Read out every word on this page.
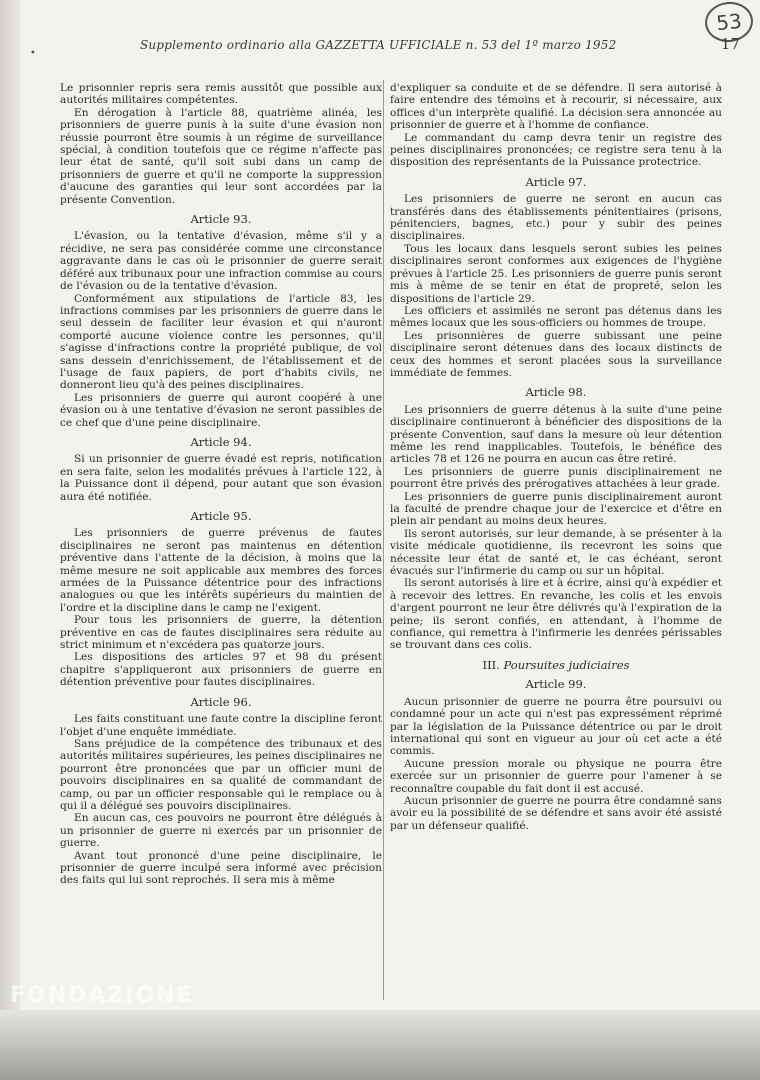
53
•
Supplemento ordinario alla GAZZETTA UFFICIALE n. 53 del 1º marzo 1952	17

Le prisonnier repris sera remis aussitôt que possible aux autorités militaires compétentes.

En dérogation à l'article 88, quatrième alinéa, les prisonniers de guerre punis à la suite d'une évasion non réussie pourront être soumis à un régime de surveillance spécial, à condition toutefois que ce régime n'affecte pas leur état de santé, qu'il soit subi dans un camp de prisonniers de guerre et qu'il ne comporte la suppression d'aucune des garanties qui leur sont accordées par la présente Convention.

Article 93.

L'évasion, ou la tentative d'évasion, même s'il y a récidive, ne sera pas considérée comme une circonstance aggravante dans le cas où le prisonnier de guerre serait déféré aux tribunaux pour une infraction commise au cours de l'évasion ou de la tentative d'évasion.

Conformément aux stipulations de l'article 83, les infractions commises par les prisonniers de guerre dans le seul dessein de faciliter leur évasion et qui n'auront comporté aucune violence contre les personnes, qu'il s'agisse d'infractions contre la propriété publique, de vol sans dessein d'enrichissement, de l'établissement et de l'usage de faux papiers, de port d'habits civils, ne donneront lieu qu'à des peines disciplinaires.

Les prisonniers de guerre qui auront coopéré à une évasion ou à une tentative d'évasion ne seront passibles de ce chef que d'une peine disciplinaire.

Article 94.

Si un prisonnier de guerre évadé est repris, notification en sera faite, selon les modalités prévues à l'article 122, à la Puissance dont il dépend, pour autant que son évasion aura été notifiée.

Article 95.

Les prisonniers de guerre prévenus de fautes disciplinaires ne seront pas maintenus en détention préventive dans l'attente de la décision, à moins que la même mesure ne soit applicable aux membres des forces armées de la Puissance détentrice pour des infractions analogues ou que les intérêts supérieurs du maintien de l'ordre et la discipline dans le camp ne l'exigent.

Pour tous les prisonniers de guerre, la détention préventive en cas de fautes disciplinaires sera réduite au strict minimum et n'excédera pas quatorze jours.

Les dispositions des articles 97 et 98 du présent chapitre s'appliqueront aux prisonniers de guerre en détention préventive pour fautes disciplinaires.

Article 96.

Les faits constituant une faute contre la discipline feront l'objet d'une enquête immédiate.

Sans préjudice de la compétence des tribunaux et des autorités militaires supérieures, les peines disciplinaires ne pourront être prononcées que par un officier muni de pouvoirs disciplinaires en sa qualité de commandant de camp, ou par un officier responsable qui le remplace ou à qui il a délégué ses pouvoirs disciplinaires.

En aucun cas, ces pouvoirs ne pourront être délégués à un prisonnier de guerre ni exercés par un prisonnier de guerre.

Avant tout prononcé d'une peine disciplinaire, le prisonnier de guerre inculpé sera informé avec précision des faits qui lui sont reprochés. Il sera mis à même

d'expliquer sa conduite et de se défendre. Il sera autorisé à faire entendre des témoins et à recourir, si nécessaire, aux offices d'un interprète qualifié. La décision sera annoncée au prisonnier de guerre et à l'homme de confiance.

Le commandant du camp devra tenir un registre des peines disciplinaires prononcées; ce registre sera tenu à la disposition des représentants de la Puissance protectrice.

Article 97.

Les prisonniers de guerre ne seront en aucun cas transférés dans des établissements pénitentiaires (prisons, pénitenciers, bagnes, etc.) pour y subir des peines disciplinaires.

Tous les locaux dans lesquels seront subies les peines disciplinaires seront conformes aux exigences de l'hygiène prévues à l'article 25. Les prisonniers de guerre punis seront mis à même de se tenir en état de propreté, selon les dispositions de l'article 29.

Les officiers et assimilés ne seront pas détenus dans les mêmes locaux que les sous-officiers ou hommes de troupe.

Les prisonnières de guerre subissant une peine disciplinaire seront détenues dans des locaux distincts de ceux des hommes et seront placées sous la surveillance immédiate de femmes.

Article 98.

Les prisonniers de guerre détenus à la suite d'une peine disciplinaire continueront à bénéficier des dispositions de la présente Convention, sauf dans la mesure où leur détention même les rend inapplicables. Toutefois, le bénéfice des articles 78 et 126 ne pourra en aucun cas être retiré.

Les prisonniers de guerre punis disciplinairement ne pourront être privés des prérogatives attachées à leur grade.

Les prisonniers de guerre punis disciplinairement auront la faculté de prendre chaque jour de l'exercice et d'être en plein air pendant au moins deux heures.

Ils seront autorisés, sur leur demande, à se présenter à la visite médicale quotidienne, ils recevront les soins que nécessite leur état de santé et, le cas échéant, seront évacués sur l'infirmerie du camp ou sur un hôpital.

Ils seront autorisés à lire et à écrire, ainsi qu'à expédier et à recevoir des lettres. En revanche, les colis et les envois d'argent pourront ne leur être délivrés qu'à l'expiration de la peine; ils seront confiés, en attendant, à l'homme de confiance, qui remettra à l'infirmerie les denrées périssables se trouvant dans ces colis.

III. Poursuites judiciaires
Article 99.

Aucun prisonnier de guerre ne pourra être poursuivi ou condamné pour un acte qui n'est pas expressément réprimé par la législation de la Puissance détentrice ou par le droit international qui sont en vigueur au jour où cet acte a été commis.

Aucune pression morale ou physique ne pourra être exercée sur un prisonnier de guerre pour l'amener à se reconnaître coupable du fait dont il est accusé.

Aucun prisonnier de guerre ne pourra être condamné sans avoir eu la possibilité de se défendre et sans avoir été assisté par un défenseur qualifié.

FONDAZIONE
